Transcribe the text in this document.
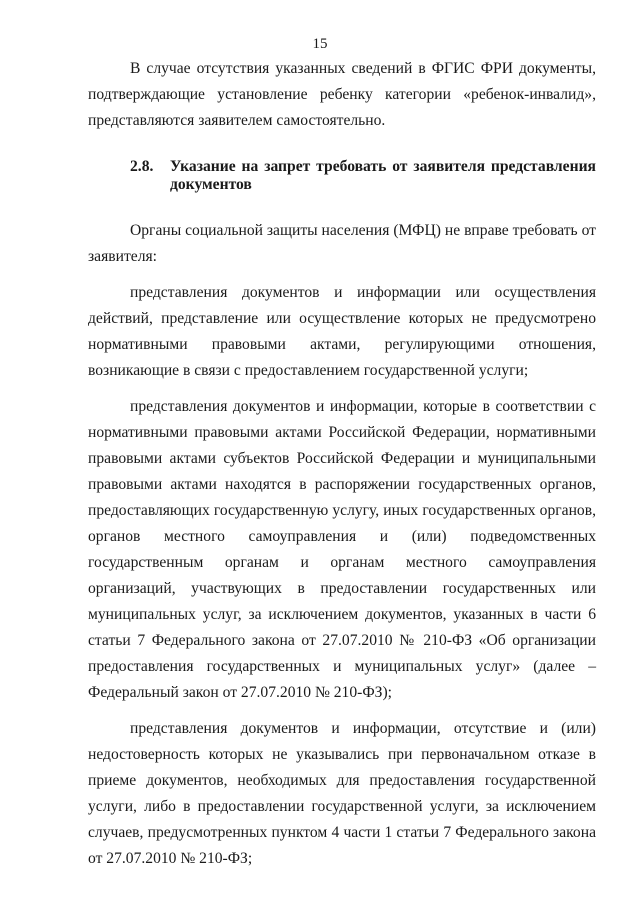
15

В случае отсутствия указанных сведений в ФГИС ФРИ документы, подтверждающие установление ребенку категории «ребенок-инвалид», представляются заявителем самостоятельно.

2.8.	Указание на запрет требовать от заявителя представления документов

Органы социальной защиты населения (МФЦ) не вправе требовать от заявителя:

представления документов и информации или осуществления действий, представление или осуществление которых не предусмотрено нормативными правовыми актами, регулирующими отношения, возникающие в связи с предоставлением государственной услуги;

представления документов и информации, которые в соответствии с нормативными правовыми актами Российской Федерации, нормативными правовыми актами субъектов Российской Федерации и муниципальными правовыми актами находятся в распоряжении государственных органов, предоставляющих государственную услугу, иных государственных органов, органов местного самоуправления и (или) подведомственных государственным органам и органам местного самоуправления организаций, участвующих в предоставлении государственных или муниципальных услуг, за исключением документов, указанных в части 6 статьи 7 Федерального закона от 27.07.2010 № 210-ФЗ «Об организации предоставления государственных и муниципальных услуг» (далее – Федеральный закон от 27.07.2010 № 210-ФЗ);

представления документов и информации, отсутствие и (или) недостоверность которых не указывались при первоначальном отказе в приеме документов, необходимых для предоставления государственной услуги, либо в предоставлении государственной услуги, за исключением случаев, предусмотренных пунктом 4 части 1 статьи 7 Федерального закона от 27.07.2010 № 210-ФЗ;
